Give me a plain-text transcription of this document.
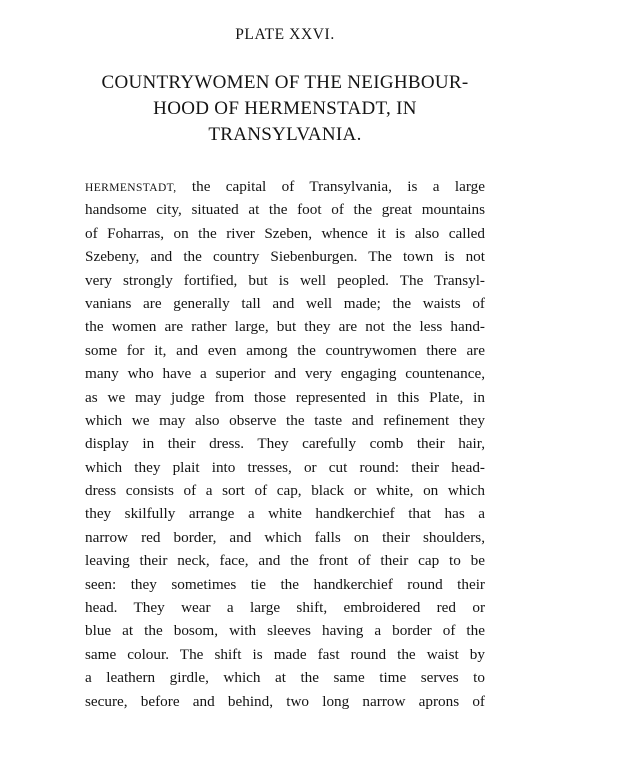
PLATE XXVI.
COUNTRYWOMEN OF THE NEIGHBOUR-
HOOD OF HERMENSTADT, IN
TRANSYLVANIA.
HERMENSTADT, the capital of Transylvania, is a large
handsome city, situated at the foot of the great mountains
of Foharras, on the river Szeben, whence it is also called
Szebeny, and the country Siebenburgen. The town is not
very strongly fortified, but is well peopled. The Transyl-
vanians are generally tall and well made; the waists of
the women are rather large, but they are not the less hand-
some for it, and even among the countrywomen there are
many who have a superior and very engaging countenance,
as we may judge from those represented in this Plate, in
which we may also observe the taste and refinement they
display in their dress. They carefully comb their hair,
which they plait into tresses, or cut round: their head-
dress consists of a sort of cap, black or white, on which
they skilfully arrange a white handkerchief that has a
narrow red border, and which falls on their shoulders,
leaving their neck, face, and the front of their cap to be
seen: they sometimes tie the handkerchief round their
head. They wear a large shift, embroidered red or
blue at the bosom, with sleeves having a border of the
same colour. The shift is made fast round the waist by
a leathern girdle, which at the same time serves to
secure, before and behind, two long narrow aprons of
